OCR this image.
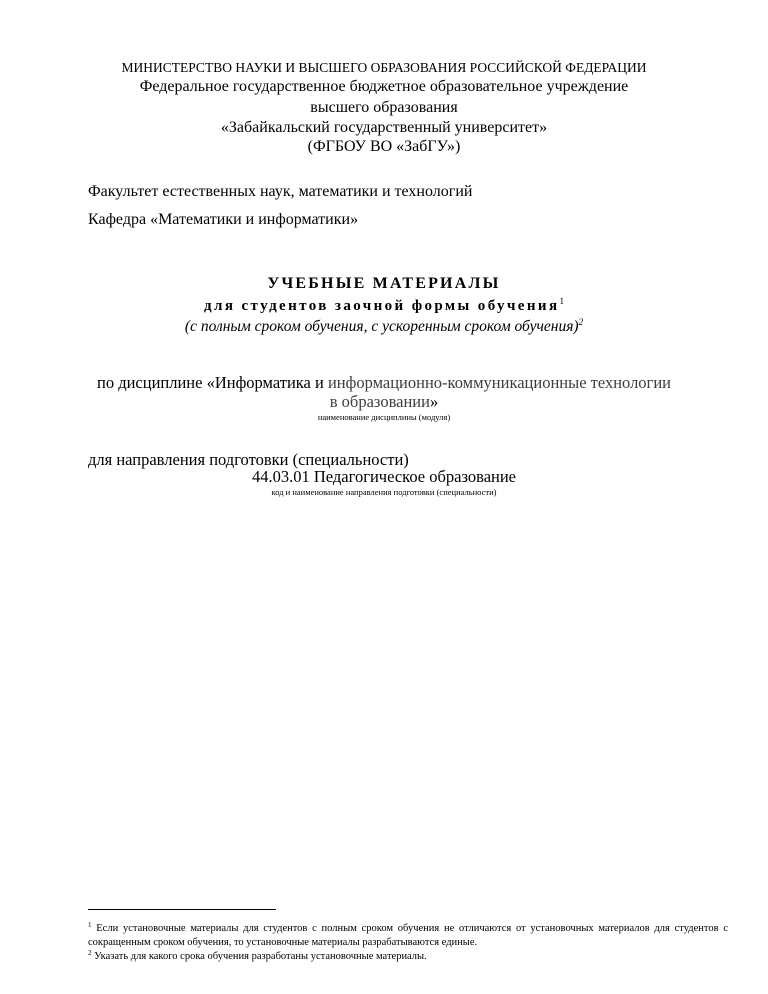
МИНИСТЕРСТВО НАУКИ И ВЫСШЕГО ОБРАЗОВАНИЯ РОССИЙСКОЙ ФЕДЕРАЦИИ
Федеральное государственное бюджетное образовательное учреждение
высшего образования
«Забайкальский государственный университет»
(ФГБОУ ВО «ЗабГУ»)
Факультет естественных наук, математики и технологий
Кафедра «Математики и информатики»
УЧЕБНЫЕ МАТЕРИАЛЫ
для студентов заочной формы обучения$^1$
(с полным сроком обучения, с ускоренным сроком обучения)$^2$
по дисциплине «Информатика и информационно-коммуникационные технологии
в образовании»
наименование дисциплины (модуля)
для направления подготовки (специальности)
44.03.01 Педагогическое образование
код и наименование направления подготовки (специальности)
$^1$ Если установочные материалы для студентов с полным сроком обучения не отличаются от установочных материалов для студентов с сокращенным сроком обучения, то установочные материалы разрабатываются единые.
$^2$ Указать для какого срока обучения разработаны установочные материалы.
